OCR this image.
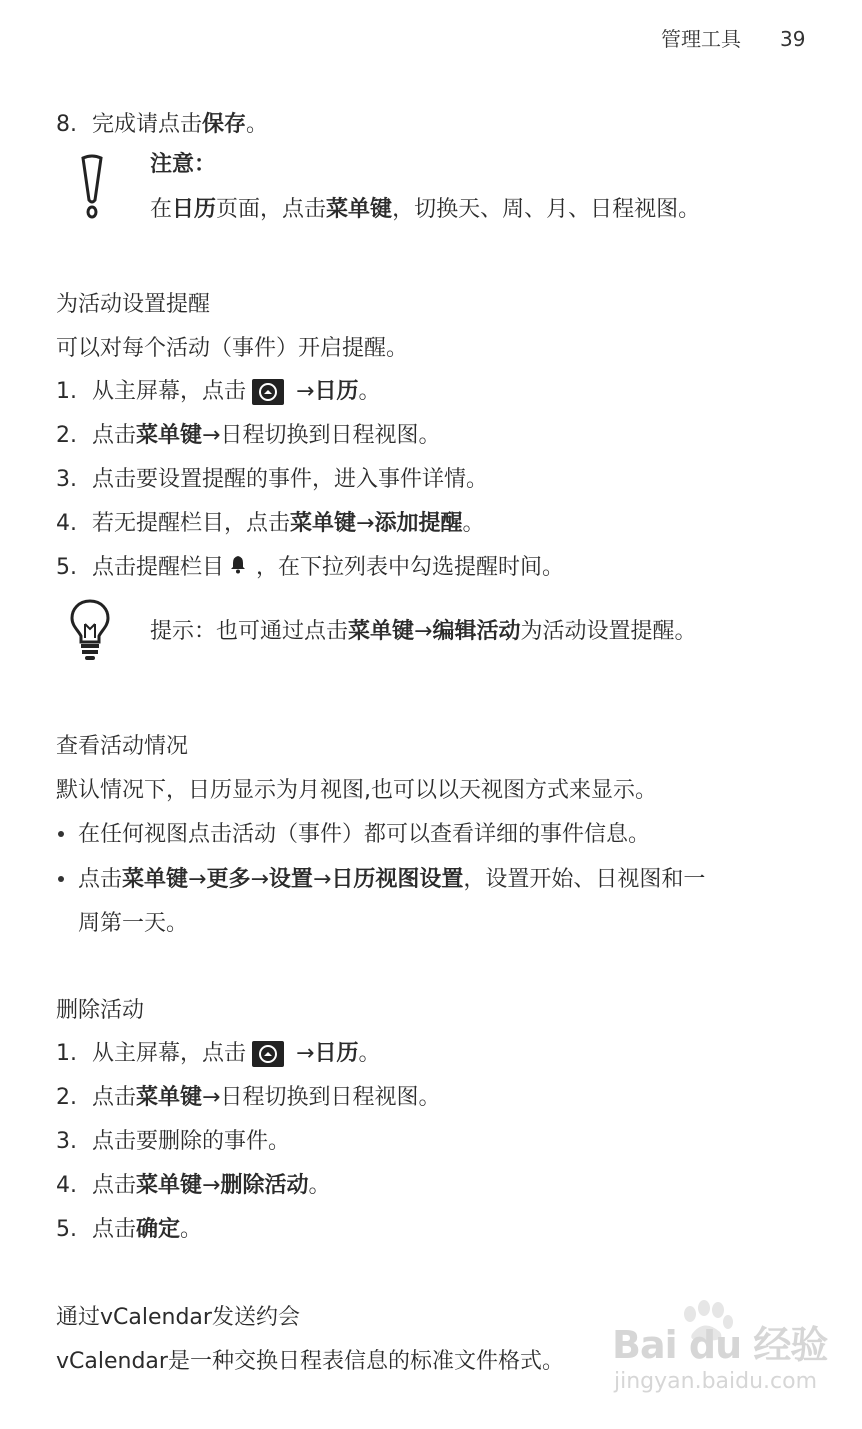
管理工具 39
8. 完成请点击保存。
注意：
在日历页面，点击菜单键，切换天、周、月、日程视图。
为活动设置提醒
可以对每个活动（事件）开启提醒。
1. 从主屏幕，点击 →日历。
2. 点击菜单键→日程切换到日程视图。
3. 点击要设置提醒的事件，进入事件详情。
4. 若无提醒栏目，点击菜单键→添加提醒。
5. 点击提醒栏目 ，在下拉列表中勾选提醒时间。
提示：也可通过点击菜单键→编辑活动为活动设置提醒。
查看活动情况
默认情况下，日历显示为月视图,也可以以天视图方式来显示。
在任何视图点击活动（事件）都可以查看详细的事件信息。
点击菜单键→更多→设置→日历视图设置，设置开始、日视图和一
周第一天。
删除活动
1. 从主屏幕，点击 →日历。
2. 点击菜单键→日程切换到日程视图。
3. 点击要删除的事件。
4. 点击菜单键→删除活动。
5. 点击确定。
通过vCalendar发送约会
vCalendar是一种交换日程表信息的标准文件格式。 Bai du 经验
jingyan.baidu.com
